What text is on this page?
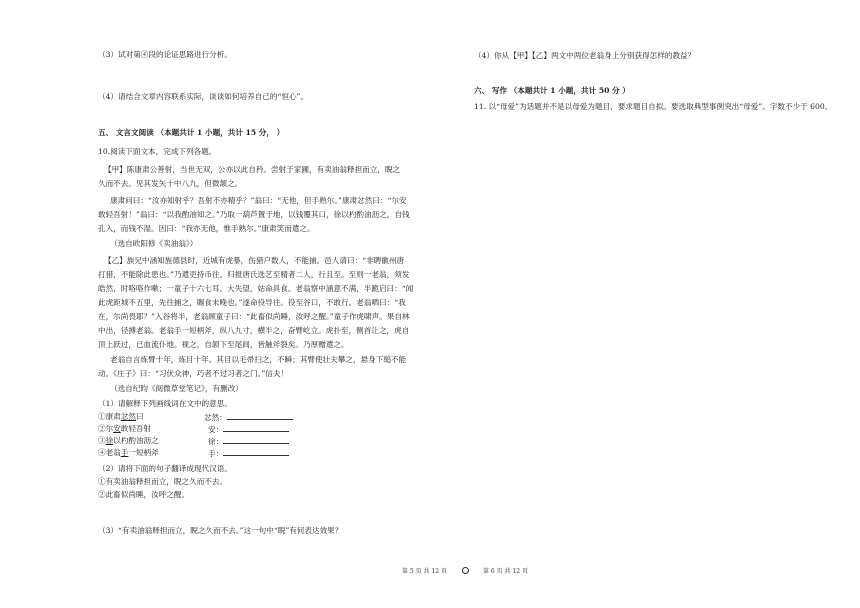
（3）试对第④段的论证思路进行分析。
（4）请结合文章内容联系实际，谈谈如何培养自己的“恒心”。
五、 文言文阅读 （本题共计 1 小题，共计 15 分， ）
10.阅读下面文本，完成下列各题。
【甲】陈康肃公善射，当世无双，公亦以此自矜。尝射于家圃，有卖油翁释担而立，睨之
久而不去。见其发矢十中八九，但微颔之。
康肃问曰：“汝亦知射乎？吾射不亦精乎？”翁曰：“无他，但手熟尔。”康肃忿然曰：“尔安
敢轻吾射！”翁曰：“以我酌油知之。”乃取一葫芦置于地，以钱覆其口，徐以杓酌油沥之，自钱
孔入，而钱不湿。因曰：“我亦无他，惟手熟尔。”康肃笑而遣之。
（选自欧阳修《卖油翁》）
【乙】族兄中涵知旌德县时，近城有虎暴，伤猎户数人，不能捕。邑人请曰：“非聘徽州唐
打猎，不能除此患也。”乃遣吏持币往。归报唐氏选艺至精者二人，行且至。至则一老翁，须发
皓然，时咯咯作嗽；一童子十六七耳。大失望，姑命具食。老翁察中涵意不满，半跪启曰：“闻
此虎距城不五里，先往捕之，賜食未晚也。”遂命役导往。役至谷口，不敢行。老翁哂曰：“我
在，尔尚畏耶？”入谷将半，老翁顾童子曰：“此畜似尚睡，汝呼之醒。”童子作虎啸声。果自林
中出，径搏老翁。老翁手一短柄斧，纵八九寸，横半之，奋臂屹立。虎扑至，侧首让之，虎自
顶上跃过，已血流仆地。视之，自颌下至尾闾，皆触斧裂矣。乃厚赠遣之。
老翁自言炼臂十年，炼目十年。其目以毛帚扫之，不瞬；其臂使壮夫攀之，悬身下缒不能
动。《庄子》曰：“习伏众神，巧者不过习者之门。”信夫！
（选自纪昀《阅微草堂笔记》，有删改）
（1）请解释下列画线词在文中的意思。
①康肃忿然曰	忿然：
②尔安敢轻吾射	安：
③徐以杓酌油沥之	徐：
④老翁手一短柄斧	手：
（2）请将下面的句子翻译成现代汉语。
①有卖油翁释担而立，睨之久而不去。
②此畜似尚睡，汝呼之醒。
（3）“有卖油翁释担而立，睨之久而不去。”这一句中“睨”有何表达效果？
（4）你从【甲】【乙】两文中两位老翁身上分别获得怎样的教益？
六、 写作 （本题共计 1 小题，共计 50 分 ）
11. 以“母爱”为话题并不是以母爱为题目，要求题目自拟。要选取典型事例突出“母爱”。字数不少于 600。
第 5 页 共 12 页	第 6 页 共 12 页
